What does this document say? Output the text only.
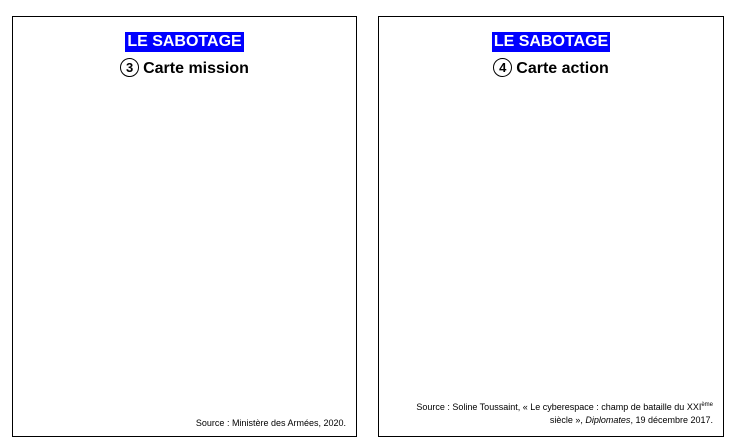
LE SABOTAGE
3 Carte mission
Source : Ministère des Armées, 2020.
LE SABOTAGE
4 Carte action
Source : Soline Toussaint, « Le cyberespace : champ de bataille du XXIème
siècle », Diplomates, 19 décembre 2017.
